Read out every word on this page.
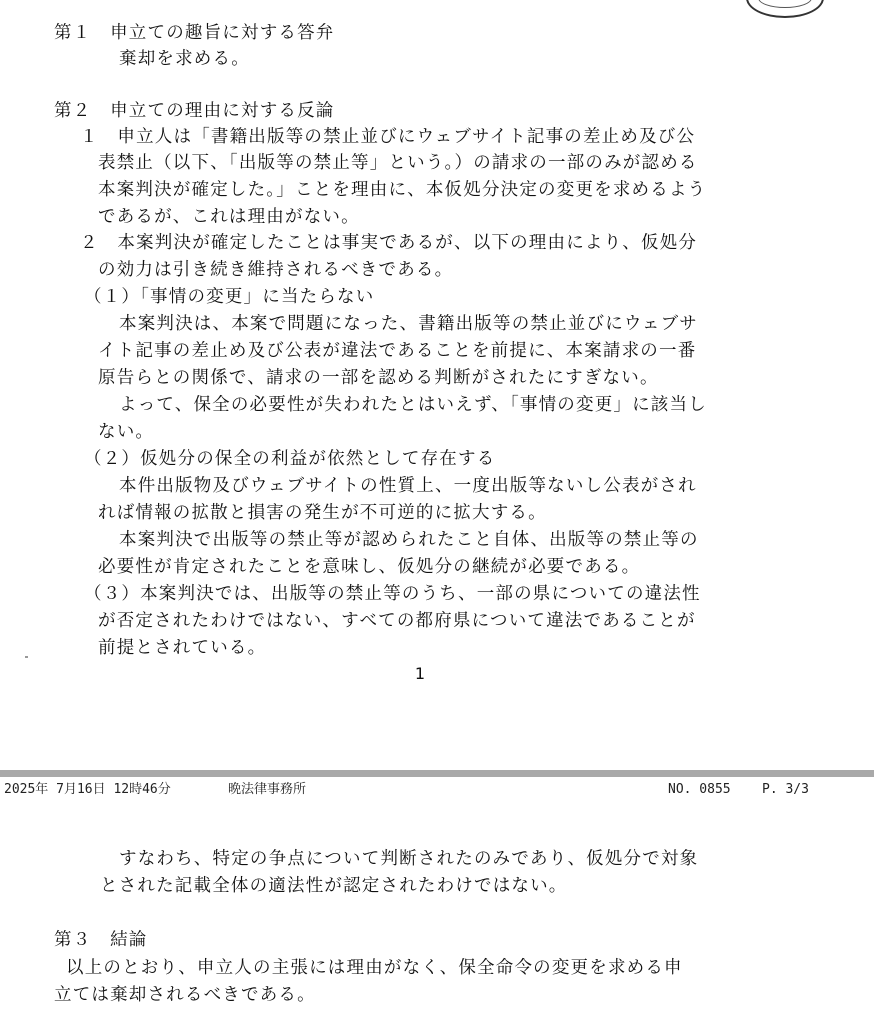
第１　申立ての趣旨に対する答弁
棄却を求める。
第２　申立ての理由に対する反論
１　申立人は「書籍出版等の禁止並びにウェブサイト記事の差止め及び公
表禁止（以下、「出版等の禁止等」という。）の請求の一部のみが認める
本案判決が確定した。」ことを理由に、本仮処分決定の変更を求めるよう
であるが、これは理由がない。
２　本案判決が確定したことは事実であるが、以下の理由により、仮処分
の効力は引き続き維持されるべきである。
（１）「事情の変更」に当たらない
本案判決は、本案で問題になった、書籍出版等の禁止並びにウェブサ
イト記事の差止め及び公表が違法であることを前提に、本案請求の一番
原告らとの関係で、請求の一部を認める判断がされたにすぎない。
よって、保全の必要性が失われたとはいえず、「事情の変更」に該当し
ない。
（２）仮処分の保全の利益が依然として存在する
本件出版物及びウェブサイトの性質上、一度出版等ないし公表がされ
れば情報の拡散と損害の発生が不可逆的に拡大する。
本案判決で出版等の禁止等が認められたこと自体、出版等の禁止等の
必要性が肯定されたことを意味し、仮処分の継続が必要である。
（３）本案判決では、出版等の禁止等のうち、一部の県についての違法性
が否定されたわけではない、すべての都府県について違法であることが
前提とされている。
1
2025年 7月16日 12時46分	晩法律事務所	NO. 0855 P. 3/3
すなわち、特定の争点について判断されたのみであり、仮処分で対象
とされた記載全体の適法性が認定されたわけではない。
第３　結論
以上のとおり、申立人の主張には理由がなく、保全命令の変更を求める申
立ては棄却されるべきである。
